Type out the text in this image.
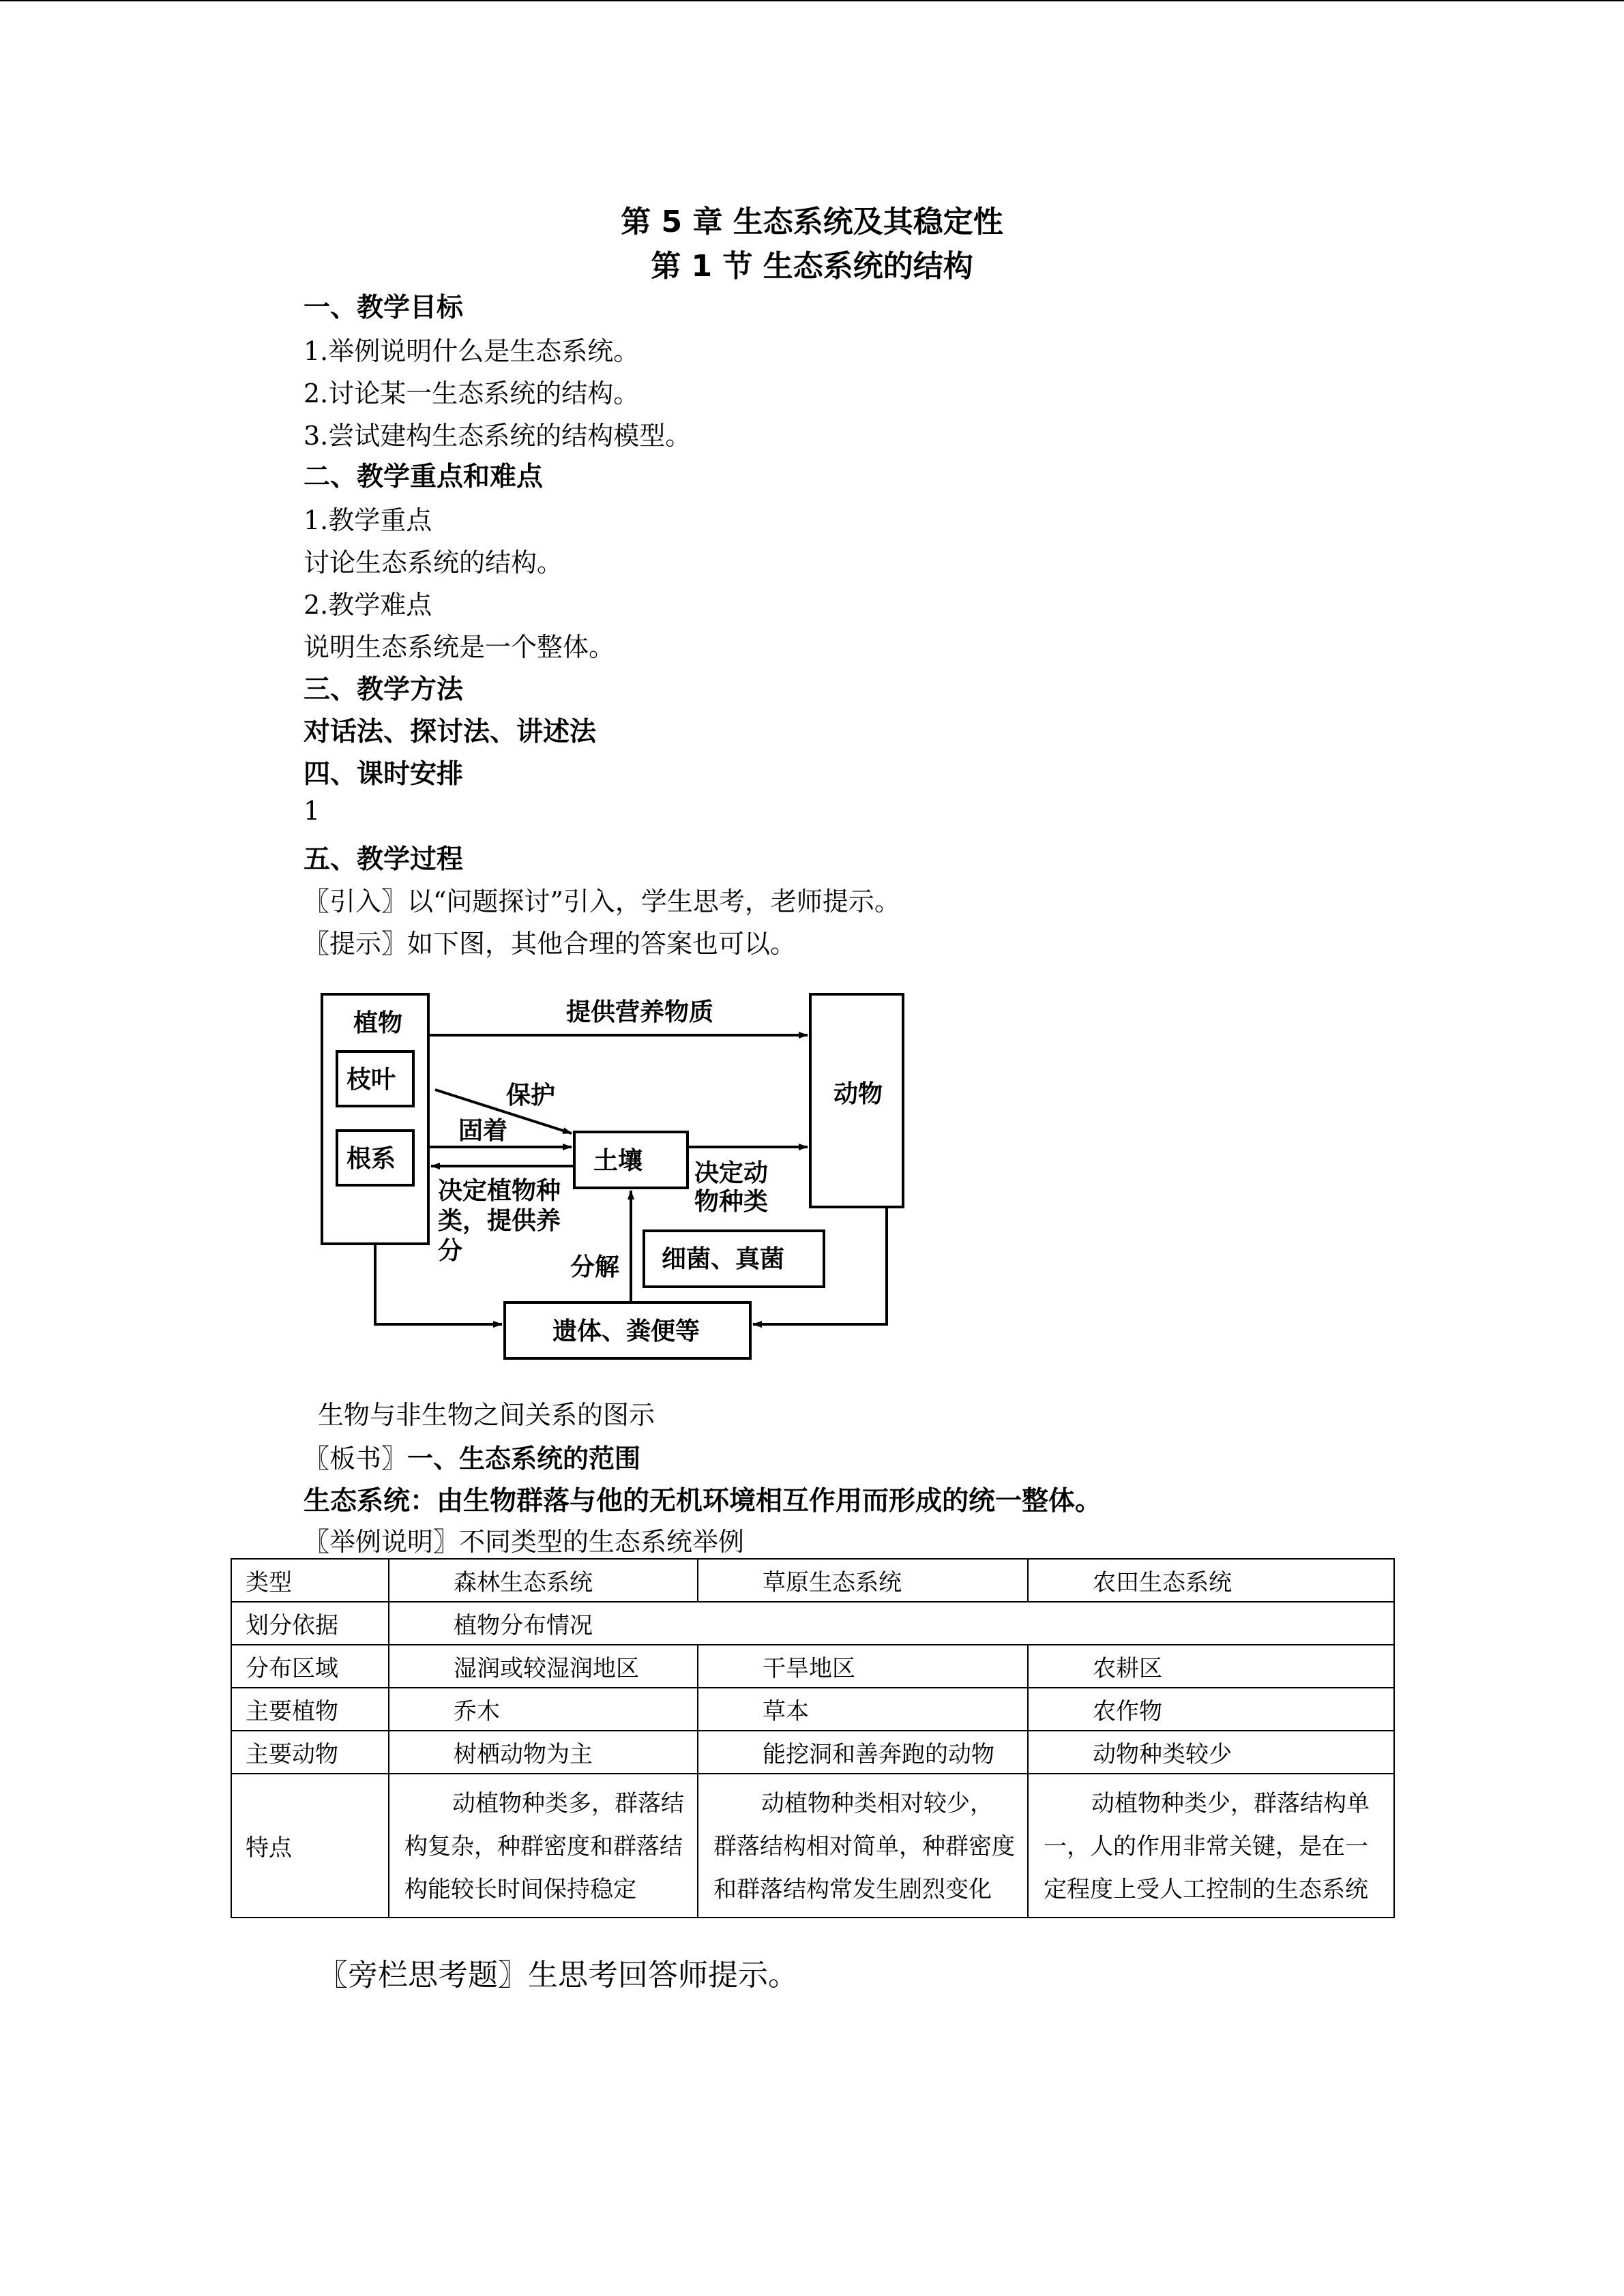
第 5 章 生态系统及其稳定性
第 1 节 生态系统的结构
一、教学目标
1.举例说明什么是生态系统。
2.讨论某一生态系统的结构。
3.尝试建构生态系统的结构模型。
二、教学重点和难点
1.教学重点
讨论生态系统的结构。
2.教学难点
说明生态系统是一个整体。
三、教学方法
对话法、探讨法、讲述法
四、课时安排
1
五、教学过程
〖引入〗以“问题探讨”引入，学生思考，老师提示。
〖提示〗如下图，其他合理的答案也可以。
植物
枝叶
根系
动物
提供营养物质
土壤
保护
固着
决定植物种
类，提供养
分
决定动
物种类
细菌、真菌
遗体、粪便等
分解
生物与非生物之间关系的图示
〖板书〗一、生态系统的范围
生态系统：由生物群落与他的无机环境相互作用而形成的统一整体。
〖举例说明〗不同类型的生态系统举例
类型	森林生态系统	草原生态系统	农田生态系统
划分依据	植物分布情况		
分布区域	湿润或较湿润地区	干旱地区	农耕区
主要植物	乔木	草本	农作物
主要动物	树栖动物为主	能挖洞和善奔跑的动物	动物种类较少
特点	动植物种类多，群落结构复杂，种群密度和群落结构能较长时间保持稳定	动植物种类相对较少，群落结构相对简单，种群密度和群落结构常发生剧烈变化	动植物种类少，群落结构单一，人的作用非常关键，是在一定程度上受人工控制的生态系统
〖旁栏思考题〗生思考回答师提示。
